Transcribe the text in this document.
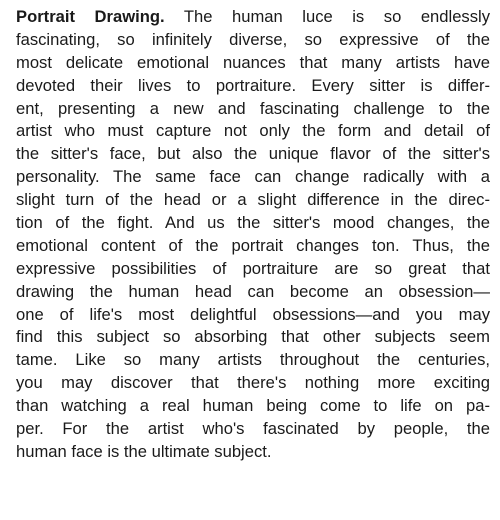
Portrait Drawing. The human luce is so endlessly
fascinating, so infinitely diverse, so expressive of the
most delicate emotional nuances that many artists have
devoted their lives to portraiture. Every sitter is differ-
ent, presenting a new and fascinating challenge to the
artist who must capture not only the form and detail of
the sitter's face, but also the unique flavor of the sitter's
personality. The same face can change radically with a
slight turn of the head or a slight difference in the direc-
tion of the fight. And us the sitter's mood changes, the
emotional content of the portrait changes ton. Thus, the
expressive possibilities of portraiture are so great that
drawing the human head can become an obsession—
one of life's most delightful obsessions—and you may
find this subject so absorbing that other subjects seem
tame. Like so many artists throughout the centuries,
you may discover that there's nothing more exciting
than watching a real human being come to life on pa-
per. For the artist who's fascinated by people, the
human face is the ultimate subject.
